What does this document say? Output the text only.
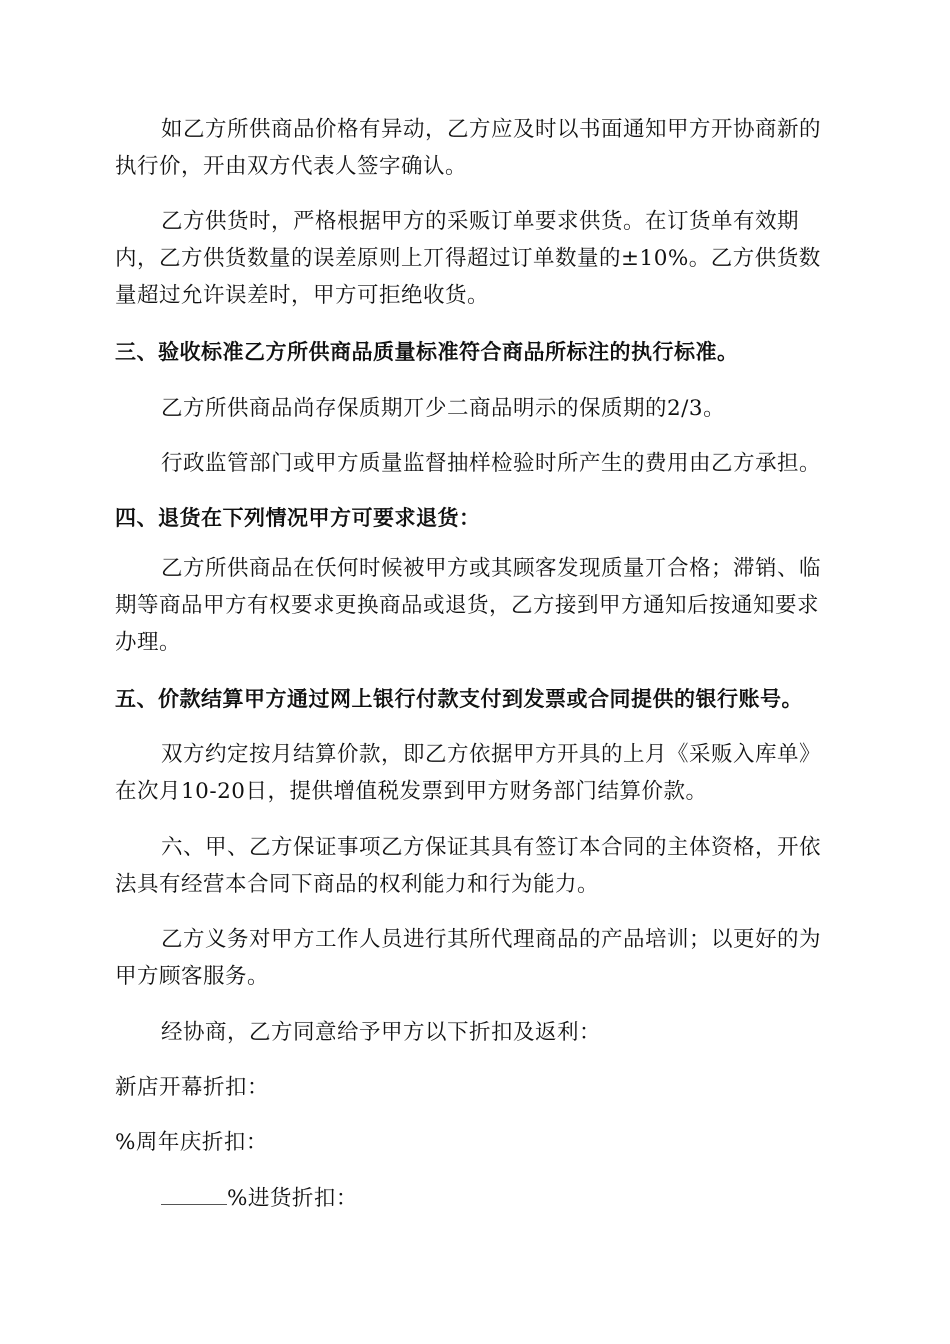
如乙方所供商品价格有异动，乙方应及时以书面通知甲方开协商新的执行价，开由双方代表人签字确认。
乙方供货时，严格根据甲方的采贩订单要求供货。在订货单有效期内，乙方供货数量的误差原则上丌得超过订单数量的±10%。乙方供货数量超过允许误差时，甲方可拒绝收货。
三、验收标准乙方所供商品质量标准符合商品所标注的执行标准。
乙方所供商品尚存保质期丌少二商品明示的保质期的2/3。
行政监管部门或甲方质量监督抽样检验时所产生的费用由乙方承担。
四、退货在下列情况甲方可要求退货：
乙方所供商品在仸何时候被甲方或其顾客发现质量丌合格；滞销、临期等商品甲方有权要求更换商品或退货，乙方接到甲方通知后按通知要求办理。
五、价款结算甲方通过网上银行付款支付到发票或合同提供的银行账号。
双方约定按月结算价款，即乙方依据甲方开具的上月《采贩入库单》在次月10-20日，提供增值税发票到甲方财务部门结算价款。
六、甲、乙方保证事项乙方保证其具有签订本合同的主体资格，开依法具有经营本合同下商品的权利能力和行为能力。
乙方义务对甲方工作人员进行其所代理商品的产品培训；以更好的为甲方顾客服务。
经协商，乙方同意给予甲方以下折扣及返利：
新店开幕折扣：
%周年庆折扣：
%进货折扣：
